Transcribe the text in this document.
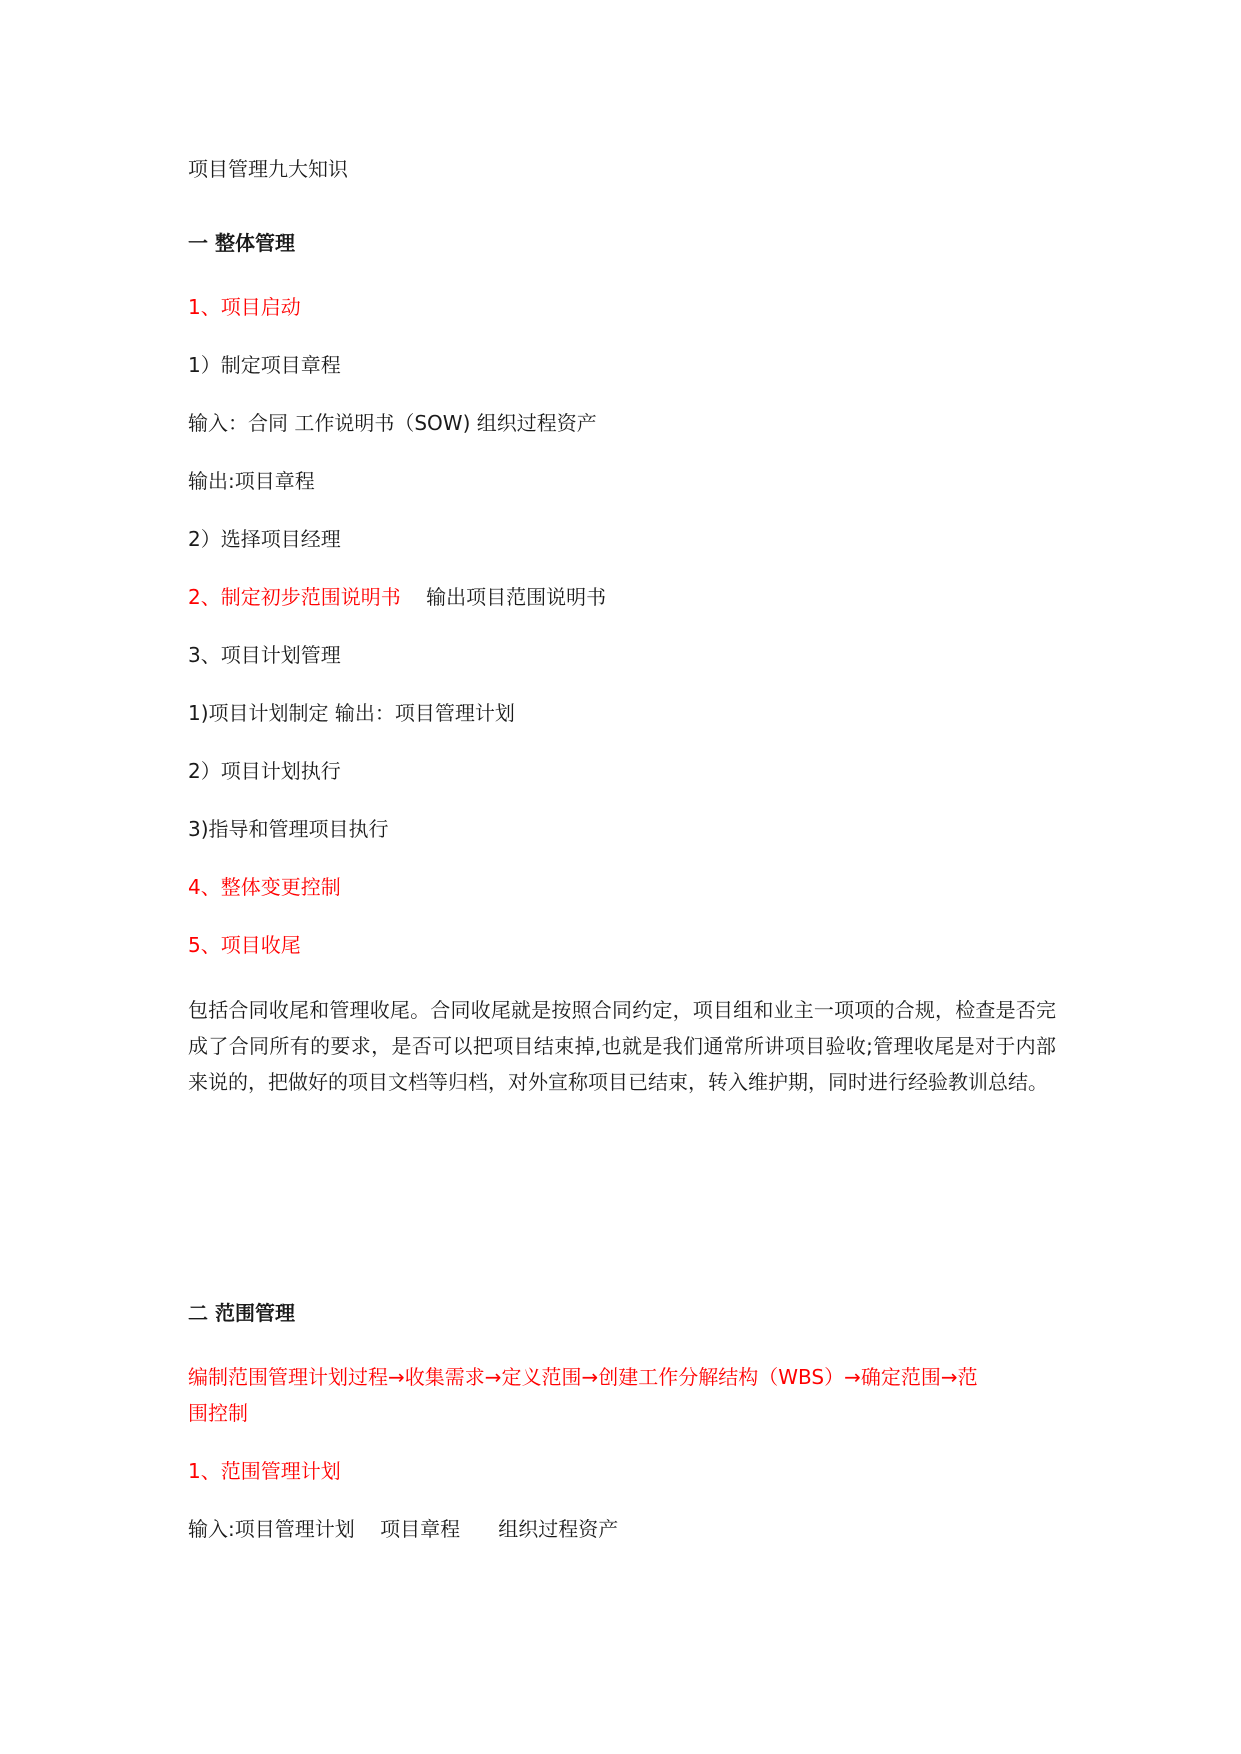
项目管理九大知识
一 整体管理
1、项目启动
1）制定项目章程
输入：合同 工作说明书（SOW) 组织过程资产
输出:项目章程
2）选择项目经理
2、制定初步范围说明书    输出项目范围说明书
3、项目计划管理
1)项目计划制定 输出：项目管理计划
2）项目计划执行
3)指导和管理项目执行
4、整体变更控制
5、项目收尾
包括合同收尾和管理收尾。合同收尾就是按照合同约定，项目组和业主一项项的合规，检查是否完成了合同所有的要求，是否可以把项目结束掉,也就是我们通常所讲项目验收;管理收尾是对于内部来说的，把做好的项目文档等归档，对外宣称项目已结束，转入维护期，同时进行经验教训总结。
二 范围管理
编制范围管理计划过程→收集需求→定义范围→创建工作分解结构（WBS）→确定范围→范
围控制
1、范围管理计划
输入:项目管理计划    项目章程      组织过程资产
